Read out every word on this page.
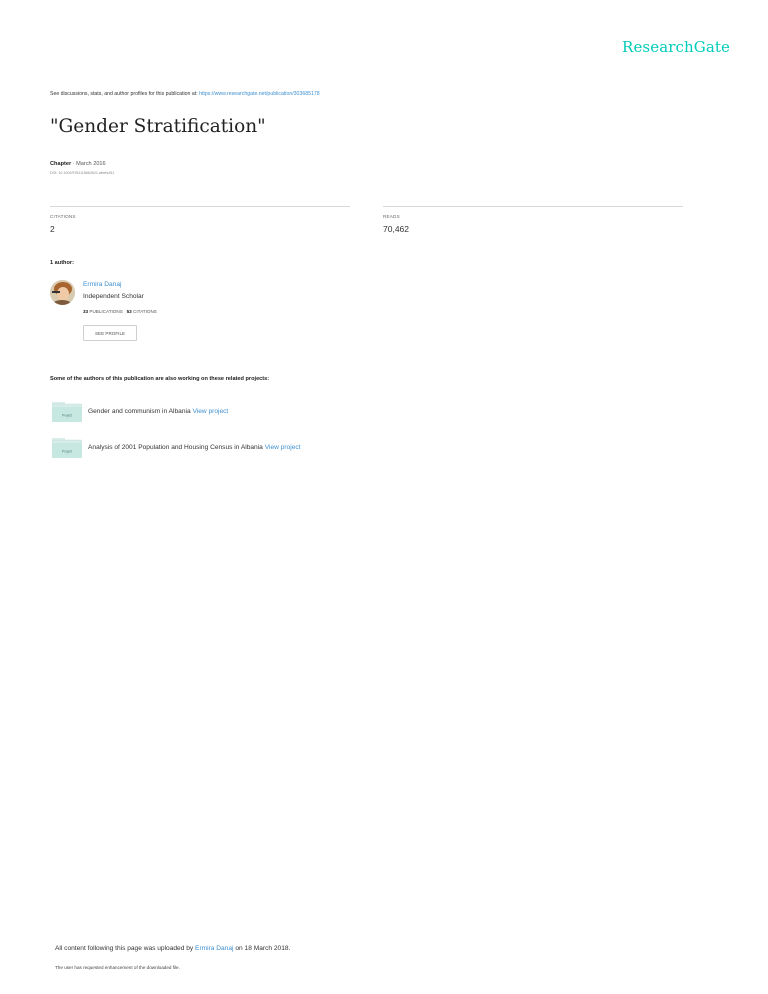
ResearchGate
See discussions, stats, and author profiles for this publication at: https://www.researchgate.net/publication/303685178
"Gender Stratification"
Chapter · March 2016
DOI: 10.1002/9781118663621.wbefs261
CITATIONS
2
READS
70,462
1 author:
Ermira Danaj
Independent Scholar
33 PUBLICATIONS 53 CITATIONS
SEE PROFILE
Some of the authors of this publication are also working on these related projects:
Project
Gender and communism in Albania View project
Project
Analysis of 2001 Population and Housing Census in Albania View project
All content following this page was uploaded by Ermira Danaj on 18 March 2018.
The user has requested enhancement of the downloaded file.
